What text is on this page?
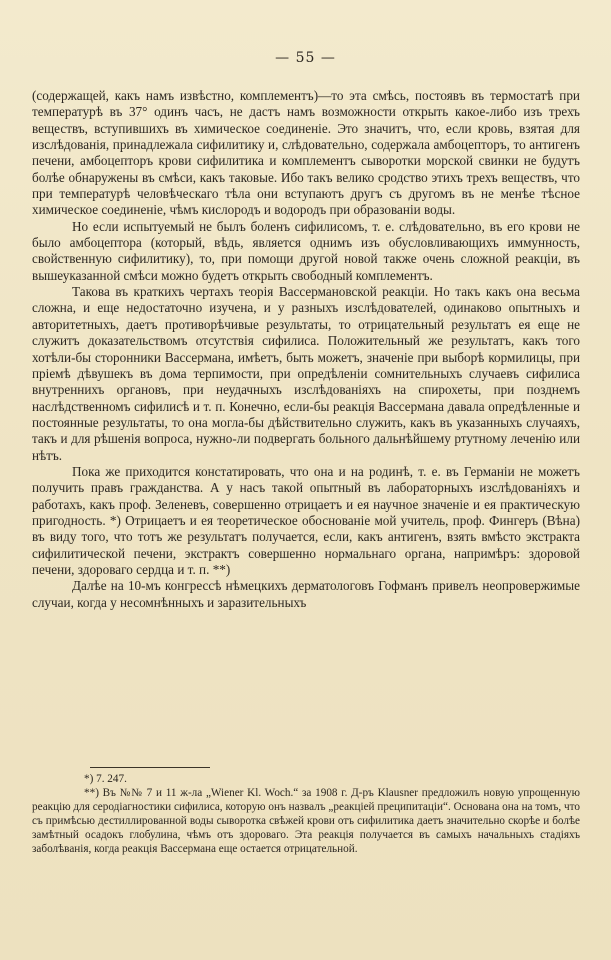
— 55 —

(содержащей, какъ намъ извѣстно, комплементъ)—то эта смѣсь, постоявъ въ термостатѣ при температурѣ въ 37° одинъ часъ, не дастъ намъ возможности открыть какое-либо изъ трехъ веществъ, вступившихъ въ химическое соединеніе. Это значитъ, что, если кровь, взятая для изслѣдованія, принадлежала сифилитику и, слѣдовательно, содержала амбоцепторъ, то антигенъ печени, амбоцепторъ крови сифилитика и комплементъ сыворотки морской свинки не будутъ болѣе обнаружены въ смѣси, какъ таковые. Ибо такъ велико сродство этихъ трехъ веществъ, что при температурѣ человѣческаго тѣла они вступаютъ другъ съ другомъ въ не менѣе тѣсное химическое соединеніе, чѣмъ кислородъ и водородъ при образованіи воды.

Но если испытуемый не былъ боленъ сифилисомъ, т. е. слѣдовательно, въ его крови не было амбоцептора (который, вѣдь, является однимъ изъ обусловливающихъ иммунность, свойственную сифилитику), то, при помощи другой новой также очень сложной реакціи, въ вышеуказанной смѣси можно будетъ открыть свободный комплементъ.

Такова въ краткихъ чертахъ теорія Вассермановской реакціи. Но такъ какъ она весьма сложна, и еще недостаточно изучена, и у разныхъ изслѣдователей, одинаково опытныхъ и авторитетныхъ, даетъ противорѣчивые результаты, то отрицательный результатъ ея еще не служитъ доказательствомъ отсутствія сифилиса. Положительный же результатъ, какъ того хотѣли-бы сторонники Вассермана, имѣетъ, быть можетъ, значеніе при выборѣ кормилицы, при пріемѣ дѣвушекъ въ дома терпимости, при опредѣленіи сомнительныхъ случаевъ сифилиса внутреннихъ органовъ, при неудачныхъ изслѣдованіяхъ на спирохеты, при позднемъ наслѣдственномъ сифилисѣ и т. п. Конечно, если-бы реакція Вассермана давала опредѣленные и постоянные результаты, то она могла-бы дѣйствительно служить, какъ въ указанныхъ случаяхъ, такъ и для рѣшенія вопроса, нужно-ли подвергать больного дальнѣйшему ртутному леченію или нѣтъ.

Пока же приходится констатировать, что она и на родинѣ, т. е. въ Германіи не можетъ получить правъ гражданства. А у насъ такой опытный въ лабораторныхъ изслѣдованіяхъ и работахъ, какъ проф. Зеленевъ, совершенно отрицаетъ и ея научное значеніе и ея практическую пригодность. *) Отрицаетъ и ея теоретическое обоснованіе мой учитель, проф. Фингеръ (Вѣна) въ виду того, что тотъ же результатъ получается, если, какъ антигенъ, взять вмѣсто экстракта сифилитической печени, экстрактъ совершенно нормальнаго органа, напримѣръ: здоровой печени, здороваго сердца и т. п. **)

Далѣе на 10-мъ конгрессѣ нѣмецкихъ дерматологовъ Гофманъ привелъ неопровержимые случаи, когда у несомнѣнныхъ и заразительныхъ

*) 7. 247.

**) Въ №№ 7 и 11 ж-ла „Wiener Kl. Woch.“ за 1908 г. Д-ръ Klausner предложилъ новую упрощенную реакцію для серодіагностики сифилиса, которую онъ назвалъ „реакціей преципитаціи“. Основана она на томъ, что съ примѣсью дестиллированной воды сыворотка свѣжей крови отъ сифилитика даетъ значительно скорѣе и болѣе замѣтный осадокъ глобулина, чѣмъ отъ здороваго. Эта реакція получается въ самыхъ начальныхъ стадіяхъ заболѣванія, когда реакція Вассермана еще остается отрицательной.
